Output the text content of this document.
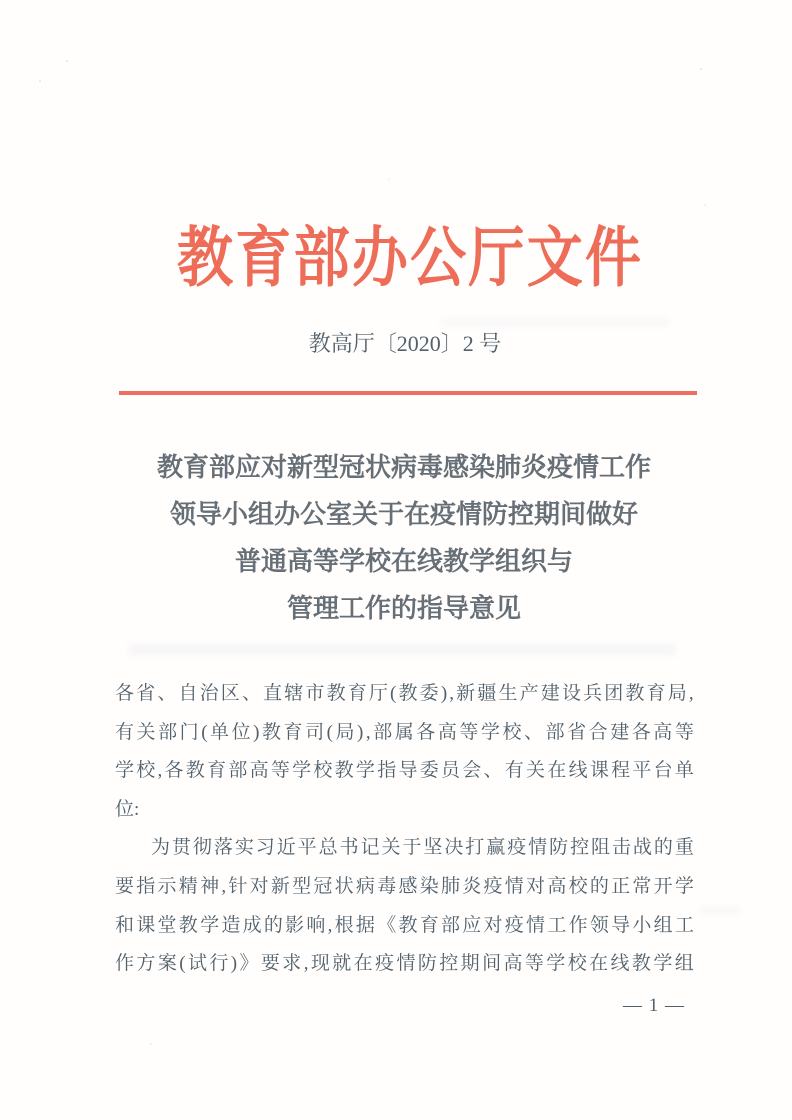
教 育 部 办 公 厅 文 件
教高厅〔2020〕2 号
教育部应对新型冠状病毒感染肺炎疫情工作
领导小组办公室关于在疫情防控期间做好
普通高等学校在线教学组织与
管理工作的指导意见
各 省 、 自 治 区 、 直 辖 市 教 育 厅 ( 教 委 ) , 新 疆 生 产 建 设 兵 团 教 育 局 ,
有 关 部 门 ( 单 位 ) 教 育 司 ( 局 ) , 部 属 各 高 等 学 校 、 部 省 合 建 各 高 等
学 校 , 各 教 育 部 高 等 学 校 教 学 指 导 委 员 会 、 有 关 在 线 课 程 平 台 单
位:
为 贯 彻 落 实 习 近 平 总 书 记 关 于 坚 决 打 赢 疫 情 防 控 阻 击 战 的 重
要 指 示 精 神 , 针 对 新 型 冠 状 病 毒 感 染 肺 炎 疫 情 对 高 校 的 正 常 开 学
和 课 堂 教 学 造 成 的 影 响 , 根 据 《 教 育 部 应 对 疫 情 工 作 领 导 小 组 工
作 方 案 ( 试 行 ) 》 要 求 , 现 就 在 疫 情 防 控 期 间 高 等 学 校 在 线 教 学 组
— 1 —
